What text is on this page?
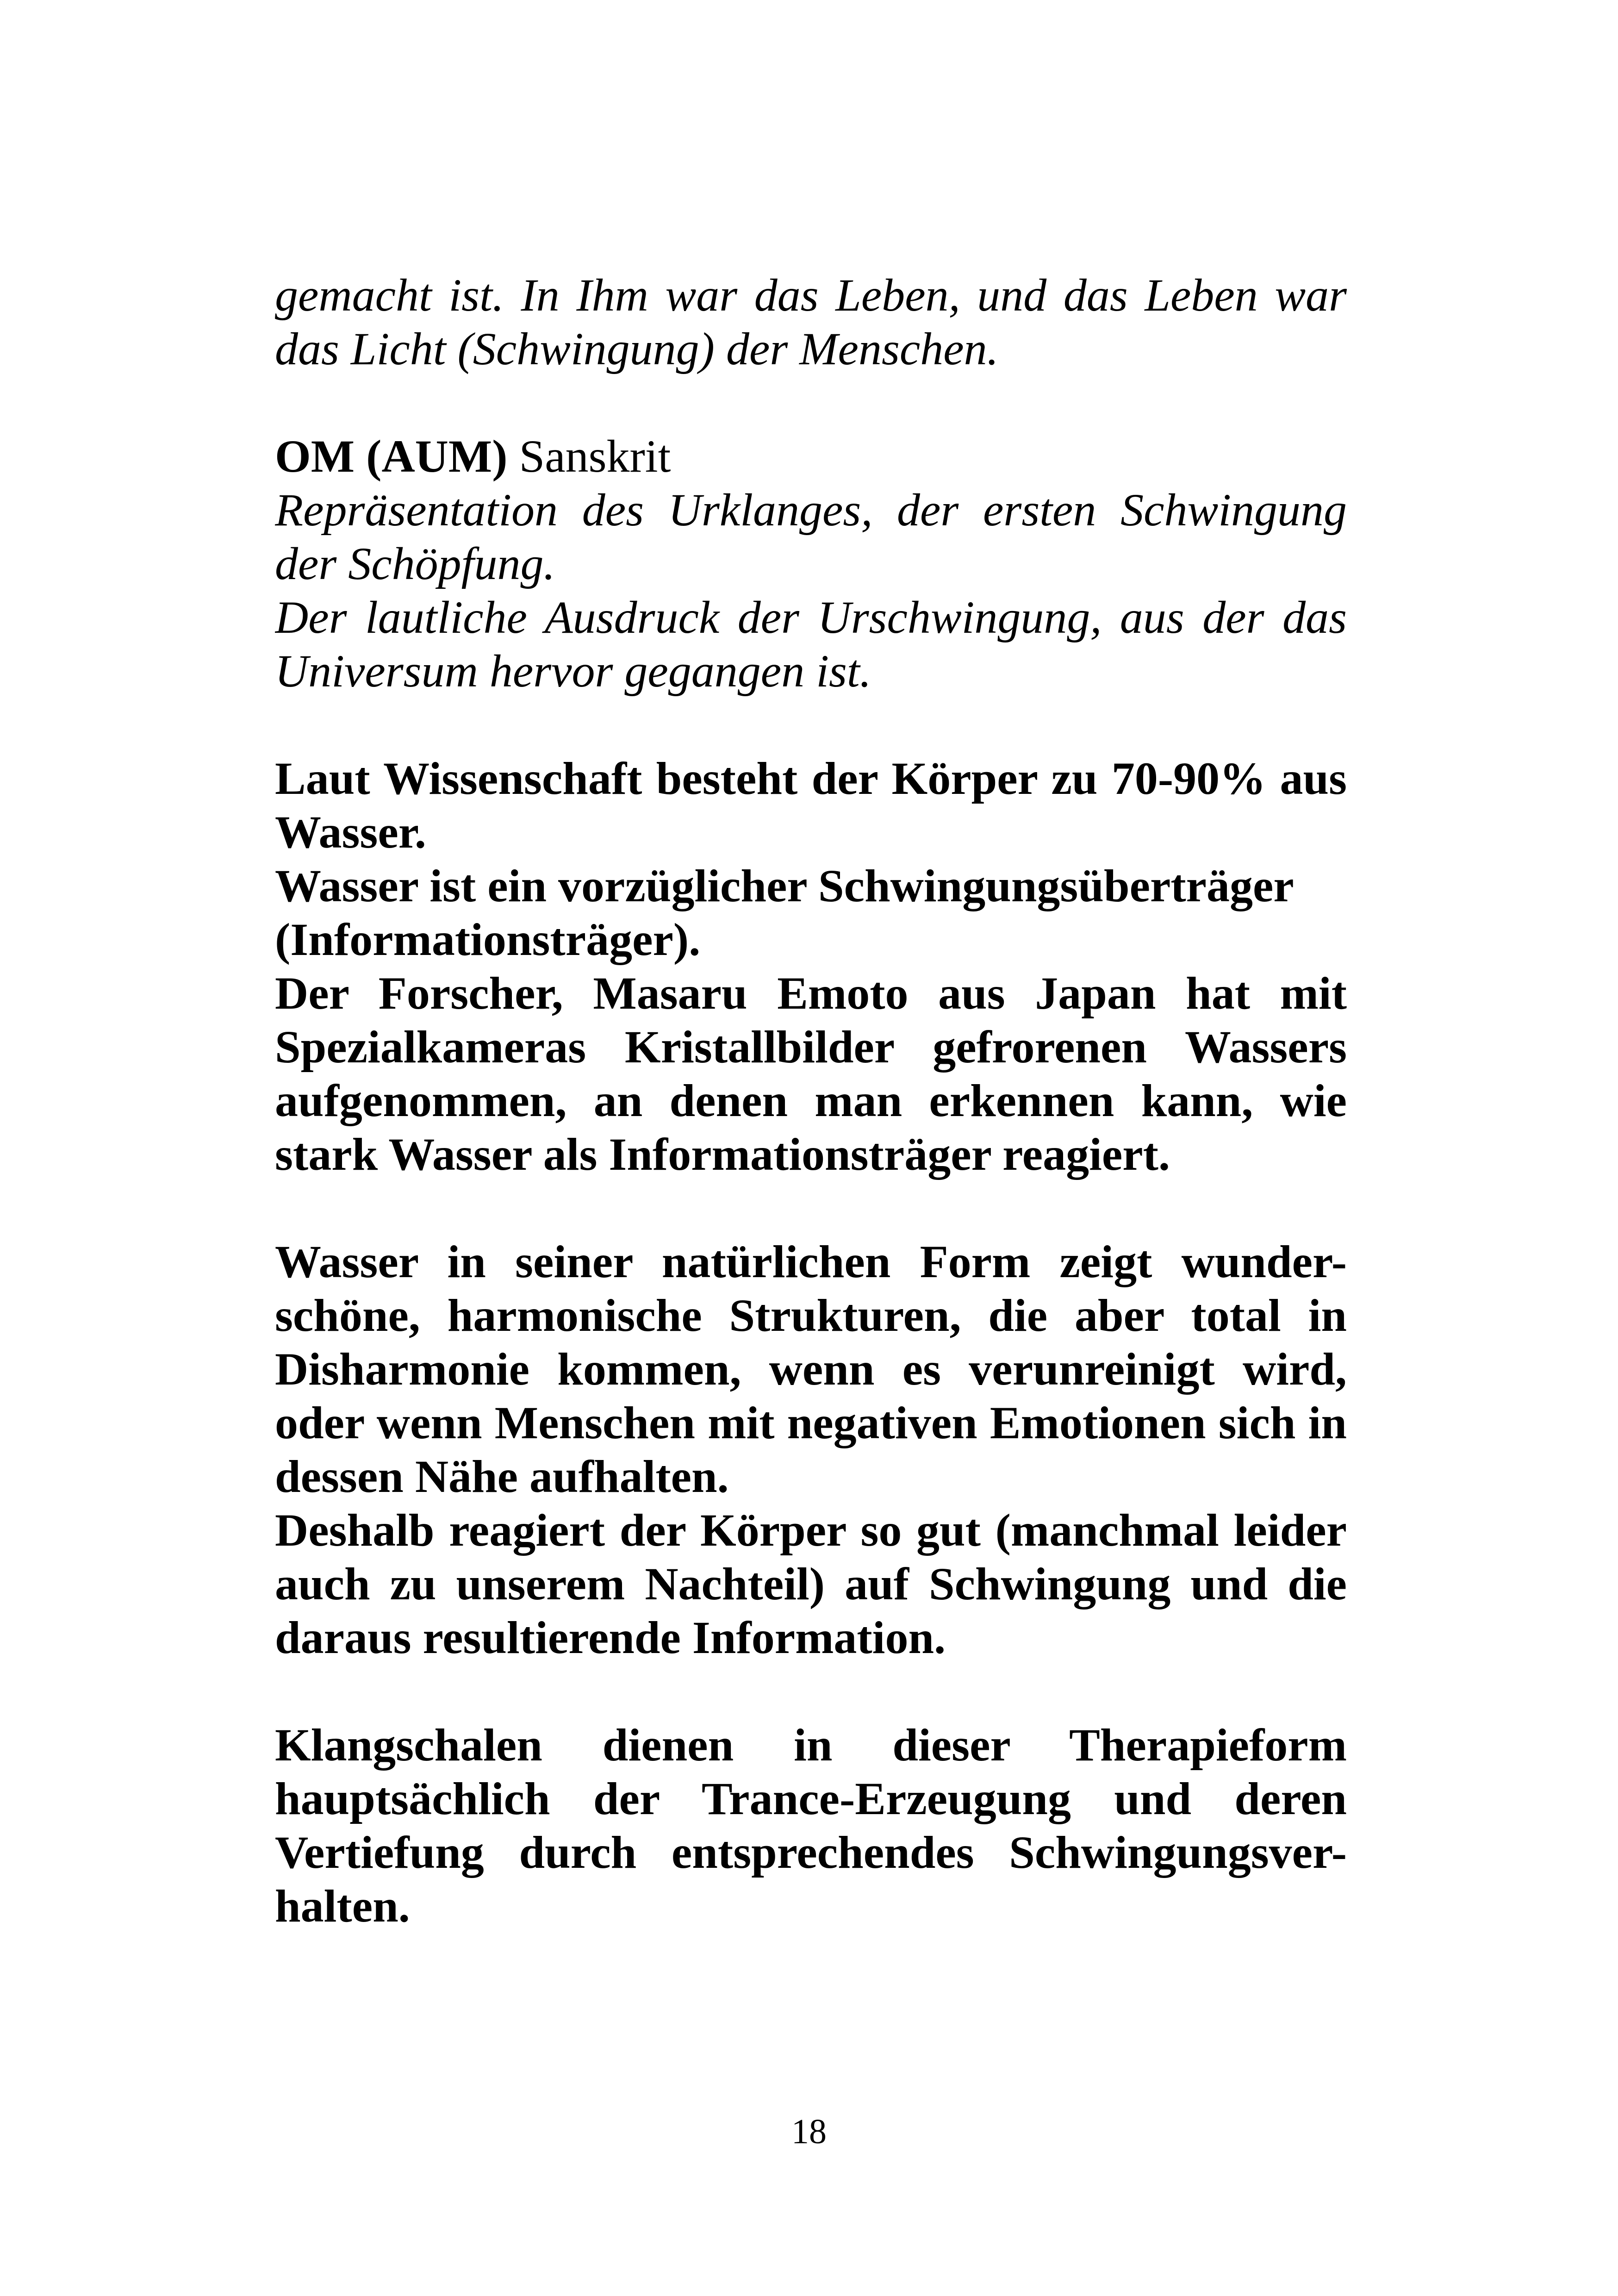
gemacht ist. In Ihm war das Leben, und das Leben war
das Licht (Schwingung) der Menschen.

OM (AUM) Sanskrit

Repräsentation des Urklanges, der ersten Schwingung
der Schöpfung.
Der lautliche Ausdruck der Urschwingung, aus der das
Universum hervor gegangen ist.
Laut Wissenschaft besteht der Körper zu 70-90% aus
Wasser.
Wasser ist ein vorzüglicher Schwingungsüberträger
(Informationsträger).
Der Forscher, Masaru Emoto aus Japan hat mit
Spezialkameras Kristallbilder gefrorenen Wassers
aufgenommen, an denen man erkennen kann, wie
stark Wasser als Informationsträger reagiert.
Wasser in seiner natürlichen Form zeigt wunder-
schöne, harmonische Strukturen, die aber total in
Disharmonie kommen, wenn es verunreinigt wird,
oder wenn Menschen mit negativen Emotionen sich in
dessen Nähe aufhalten.
Deshalb reagiert der Körper so gut (manchmal leider
auch zu unserem Nachteil) auf Schwingung und die
daraus resultierende Information.
Klangschalen dienen in dieser Therapieform
hauptsächlich der Trance-Erzeugung und deren
Vertiefung durch entsprechendes Schwingungsver-
halten.
18
